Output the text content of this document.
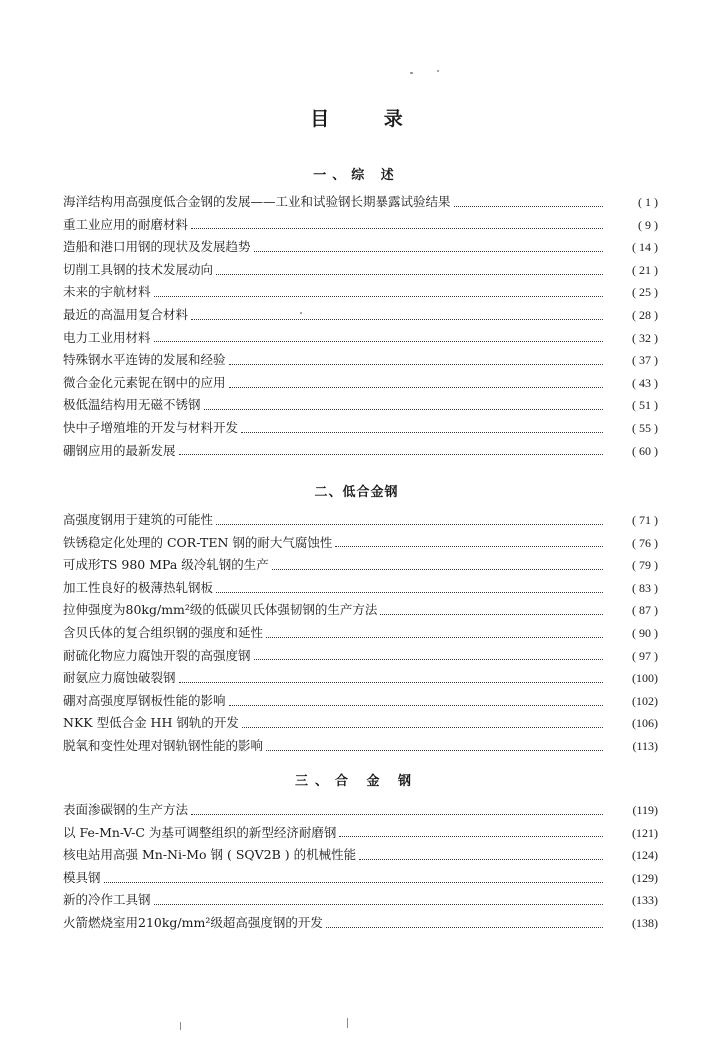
目 录
一、综 述
海洋结构用高强度低合金钢的发展——工业和试验钢长期暴露试验结果	( 1 )
重工业应用的耐磨材料	( 9 )
造船和港口用钢的现状及发展趋势	( 14 )
切削工具钢的技术发展动向	( 21 )
未来的宇航材料	( 25 )
最近的高温用复合材料	( 28 )
电力工业用材料	( 32 )
特殊钢水平连铸的发展和经验	( 37 )
微合金化元素铌在钢中的应用	( 43 )
极低温结构用无磁不锈钢	( 51 )
快中子增殖堆的开发与材料开发	( 55 )
硼钢应用的最新发展	( 60 )
二、低合金钢
高强度钢用于建筑的可能性	( 71 )
铁锈稳定化处理的 COR-TEN 钢的耐大气腐蚀性	( 76 )
可成形TS 980 MPa 级冷轧钢的生产	( 79 )
加工性良好的极薄热轧钢板	( 83 )
拉伸强度为80kg/mm²级的低碳贝氏体强韧钢的生产方法	( 87 )
含贝氏体的复合组织钢的强度和延性	( 90 )
耐硫化物应力腐蚀开裂的高强度钢	( 97 )
耐氨应力腐蚀破裂钢	(100)
硼对高强度厚钢板性能的影响	(102)
NKK 型低合金 HH 钢轨的开发	(106)
脱氧和变性处理对钢轨钢性能的影响	(113)
三、合 金 钢
表面渗碳钢的生产方法	(119)
以 Fe-Mn-V-C 为基可调整组织的新型经济耐磨钢	(121)
核电站用高强 Mn-Ni-Mo 钢 ( SQV2B ) 的机械性能	(124)
模具钢	(129)
新的冷作工具钢	(133)
火箭燃烧室用210kg/mm²级超高强度钢的开发	(138)
